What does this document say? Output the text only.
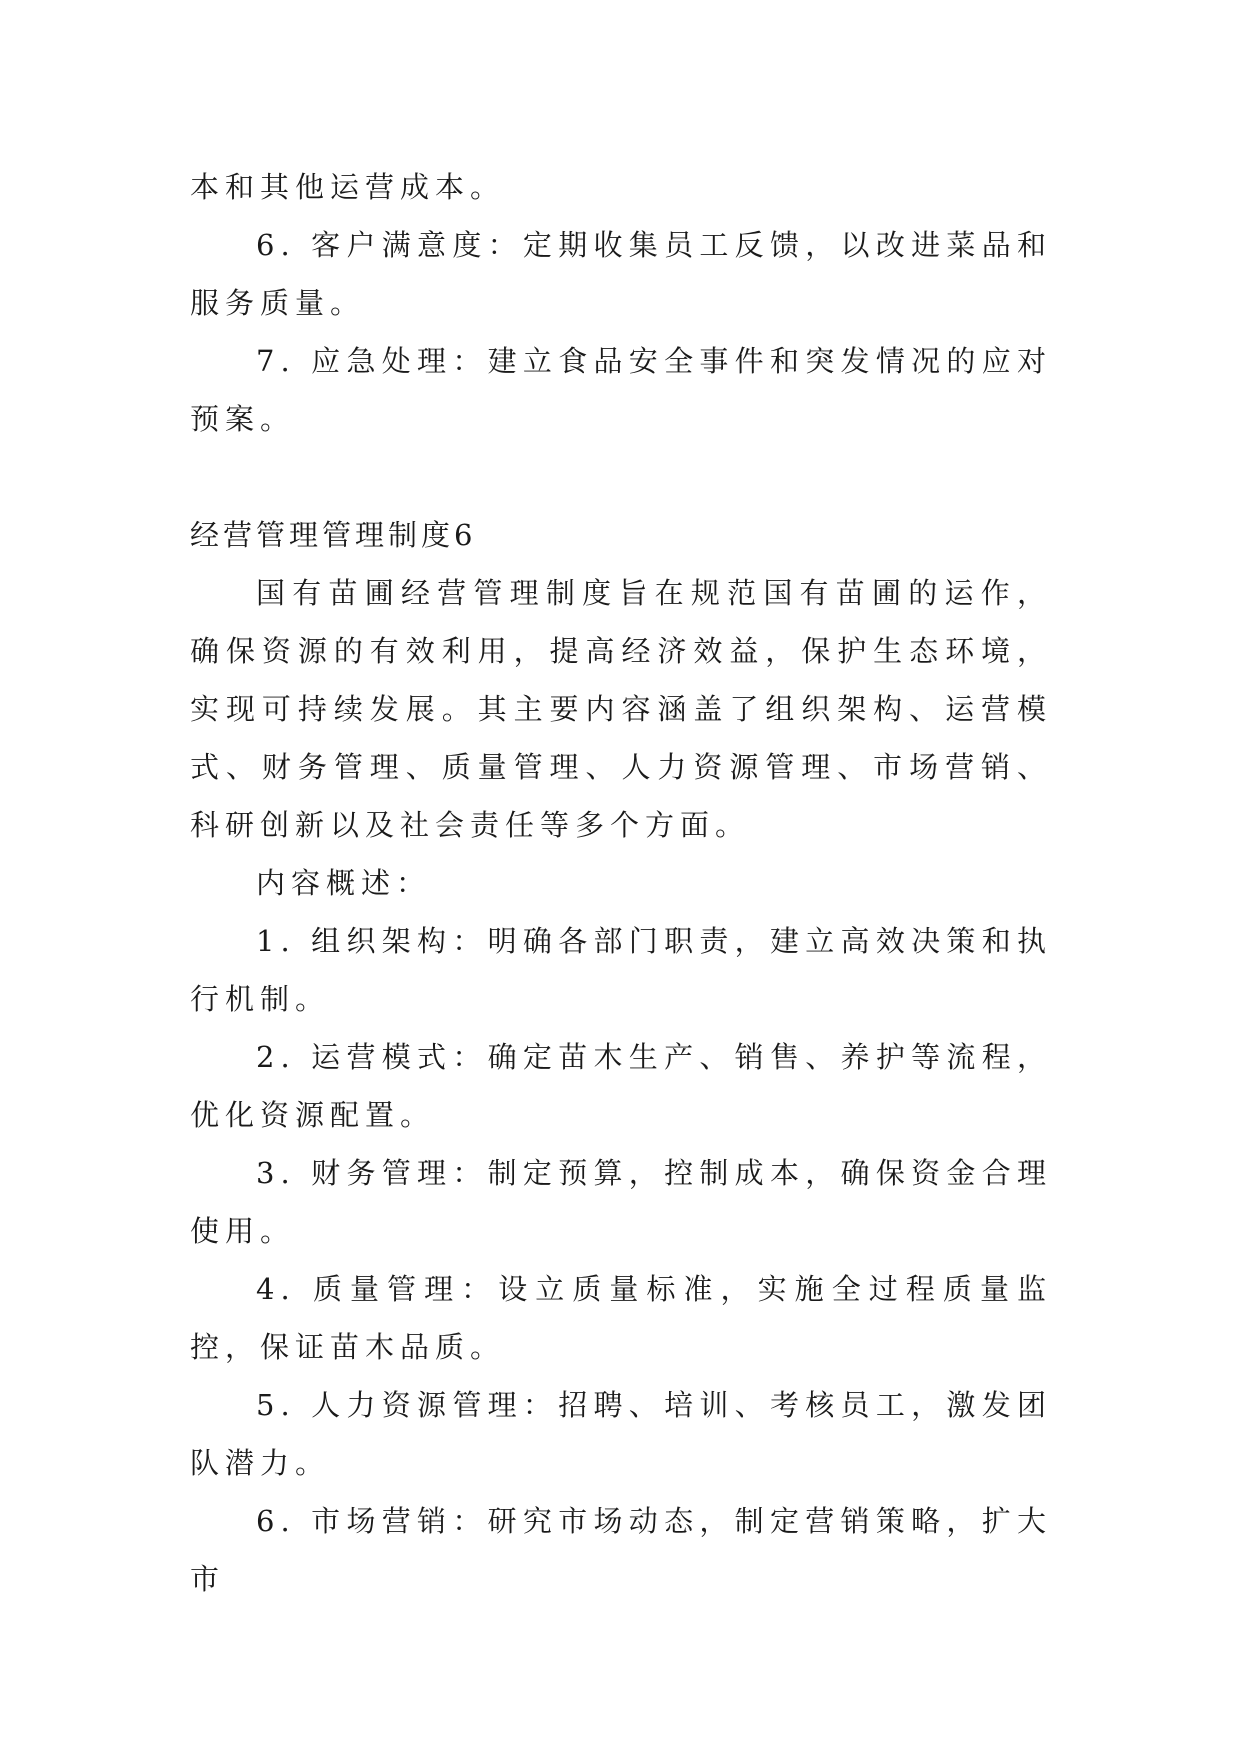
本和其他运营成本。

6. 客户满意度：定期收集员工反馈，以改进菜品和服务质量。

7. 应急处理：建立食品安全事件和突发情况的应对预案。

经营管理管理制度6

国有苗圃经营管理制度旨在规范国有苗圃的运作，确保资源的有效利用，提高经济效益，保护生态环境，实现可持续发展。其主要内容涵盖了组织架构、运营模式、财务管理、质量管理、人力资源管理、市场营销、科研创新以及社会责任等多个方面。

内容概述：

1. 组织架构：明确各部门职责，建立高效决策和执行机制。

2. 运营模式：确定苗木生产、销售、养护等流程，优化资源配置。

3. 财务管理：制定预算，控制成本，确保资金合理使用。

4. 质量管理：设立质量标准，实施全过程质量监控，保证苗木品质。

5. 人力资源管理：招聘、培训、考核员工，激发团队潜力。

6. 市场营销：研究市场动态，制定营销策略，扩大市
